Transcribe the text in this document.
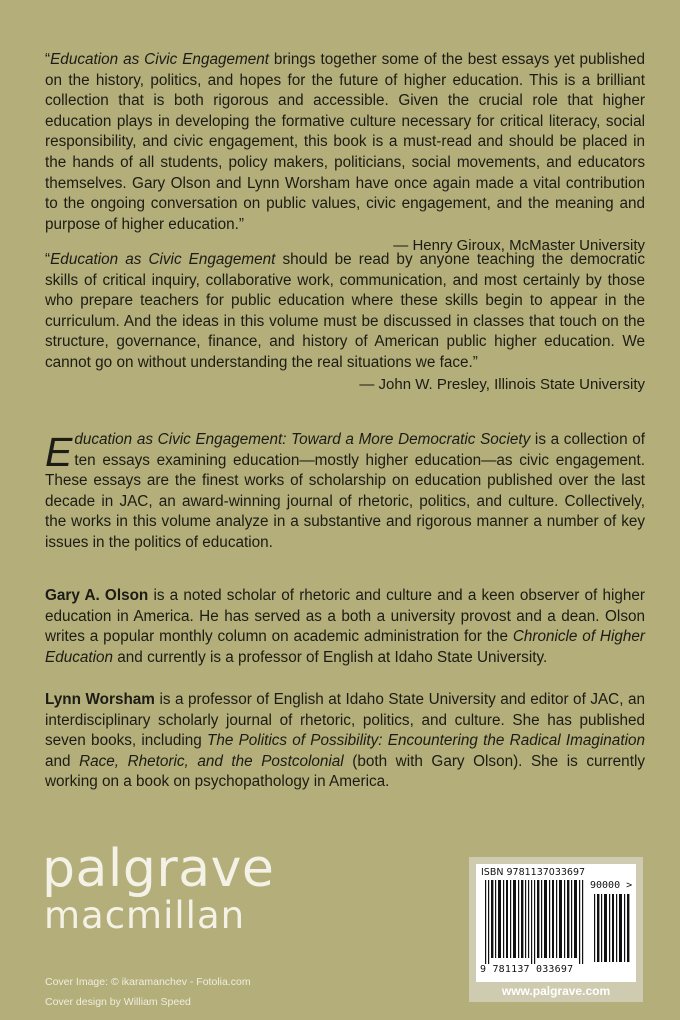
“Education as Civic Engagement brings together some of the best essays yet published on the history, politics, and hopes for the future of higher education. This is a brilliant collection that is both rigorous and accessible. Given the crucial role that higher education plays in developing the formative culture necessary for critical literacy, social responsibility, and civic engagement, this book is a must-read and should be placed in the hands of all students, policy makers, politicians, social movements, and educators themselves. Gary Olson and Lynn Worsham have once again made a vital contribution to the ongoing conversation on public values, civic engagement, and the meaning and purpose of higher education.”

— Henry Giroux, McMaster University

“Education as Civic Engagement should be read by anyone teaching the democratic skills of critical inquiry, collaborative work, communication, and most certainly by those who prepare teachers for public education where these skills begin to appear in the curriculum. And the ideas in this volume must be discussed in classes that touch on the structure, governance, finance, and history of American public higher education. We cannot go on without understanding the real situations we face.”

— John W. Presley, Illinois State University

Education as Civic Engagement: Toward a More Democratic Society is a collection of ten essays examining education—mostly higher education—as civic engagement. These essays are the finest works of scholarship on education published over the last decade in JAC, an award-winning journal of rhetoric, politics, and culture. Collectively, the works in this volume analyze in a substantive and rigorous manner a number of key issues in the politics of education.

Gary A. Olson is a noted scholar of rhetoric and culture and a keen observer of higher education in America. He has served as a both a university provost and a dean. Olson writes a popular monthly column on academic administration for the Chronicle of Higher Education and currently is a professor of English at Idaho State University.

Lynn Worsham is a professor of English at Idaho State University and editor of JAC, an interdisciplinary scholarly journal of rhetoric, politics, and culture. She has published seven books, including The Politics of Possibility: Encountering the Radical Imagination and Race, Rhetoric, and the Postcolonial (both with Gary Olson). She is currently working on a book on psychopathology in America.

palgrave
macmillan
Cover Image: © ikaramanchev - Fotolia.com
Cover design by William Speed
ISBN 9781137033697
90000 >
9 781137 033697
www.palgrave.com
